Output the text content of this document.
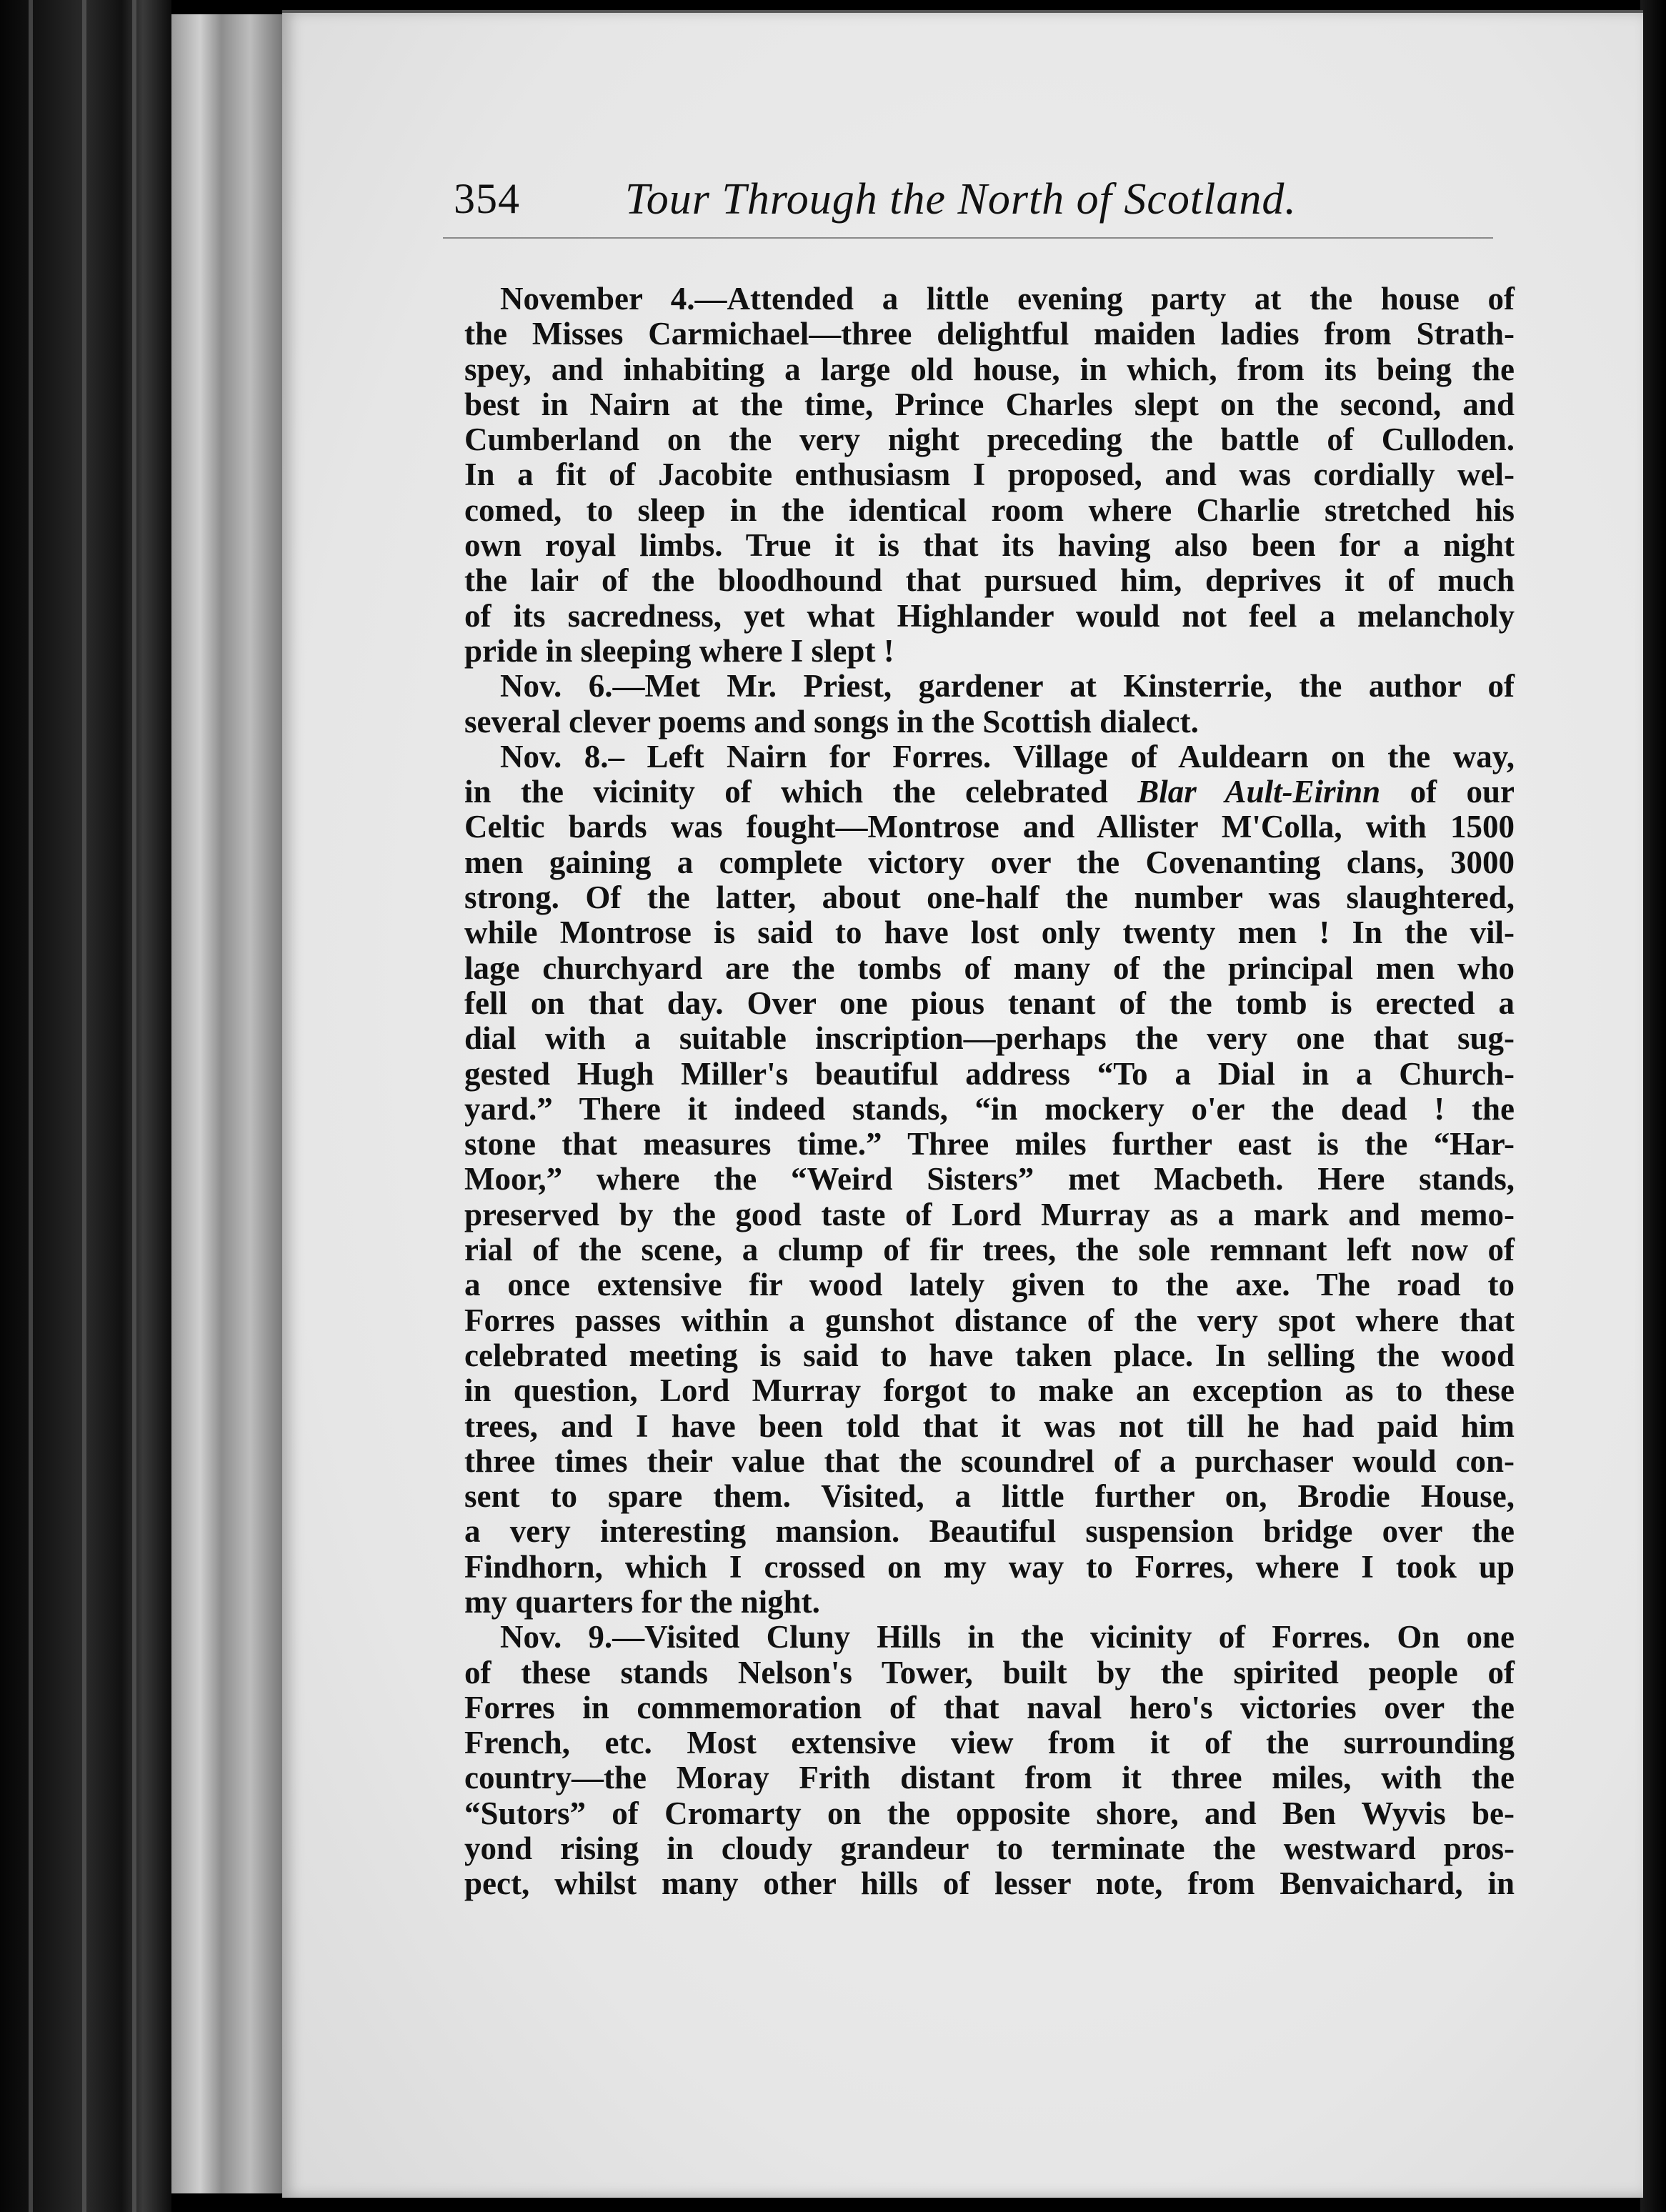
354 Tour Through the North of Scotland.
November 4.—Attended a little evening party at the house of
the Misses Carmichael—three delightful maiden ladies from Strath-
spey, and inhabiting a large old house, in which, from its being the
best in Nairn at the time, Prince Charles slept on the second, and
Cumberland on the very night preceding the battle of Culloden.
In a fit of Jacobite enthusiasm I proposed, and was cordially wel-
comed, to sleep in the identical room where Charlie stretched his
own royal limbs. True it is that its having also been for a night
the lair of the bloodhound that pursued him, deprives it of much
of its sacredness, yet what Highlander would not feel a melancholy
pride in sleeping where I slept !
Nov. 6.—Met Mr. Priest, gardener at Kinsterrie, the author of
several clever poems and songs in the Scottish dialect.
Nov. 8.– Left Nairn for Forres. Village of Auldearn on the way,
in the vicinity of which the celebrated Blar Ault-Eirinn of our
Celtic bards was fought—Montrose and Allister M'Colla, with 1500
men gaining a complete victory over the Covenanting clans, 3000
strong. Of the latter, about one-half the number was slaughtered,
while Montrose is said to have lost only twenty men ! In the vil-
lage churchyard are the tombs of many of the principal men who
fell on that day. Over one pious tenant of the tomb is erected a
dial with a suitable inscription—perhaps the very one that sug-
gested Hugh Miller's beautiful address “To a Dial in a Church-
yard.” There it indeed stands, “in mockery o'er the dead ! the
stone that measures time.” Three miles further east is the “Har-
Moor,” where the “Weird Sisters” met Macbeth. Here stands,
preserved by the good taste of Lord Murray as a mark and memo-
rial of the scene, a clump of fir trees, the sole remnant left now of
a once extensive fir wood lately given to the axe. The road to
Forres passes within a gunshot distance of the very spot where that
celebrated meeting is said to have taken place. In selling the wood
in question, Lord Murray forgot to make an exception as to these
trees, and I have been told that it was not till he had paid him
three times their value that the scoundrel of a purchaser would con-
sent to spare them. Visited, a little further on, Brodie House,
a very interesting mansion. Beautiful suspension bridge over the
Findhorn, which I crossed on my way to Forres, where I took up
my quarters for the night.
Nov. 9.—Visited Cluny Hills in the vicinity of Forres. On one
of these stands Nelson's Tower, built by the spirited people of
Forres in commemoration of that naval hero's victories over the
French, etc. Most extensive view from it of the surrounding
country—the Moray Frith distant from it three miles, with the
“Sutors” of Cromarty on the opposite shore, and Ben Wyvis be-
yond rising in cloudy grandeur to terminate the westward pros-
pect, whilst many other hills of lesser note, from Benvaichard, in
